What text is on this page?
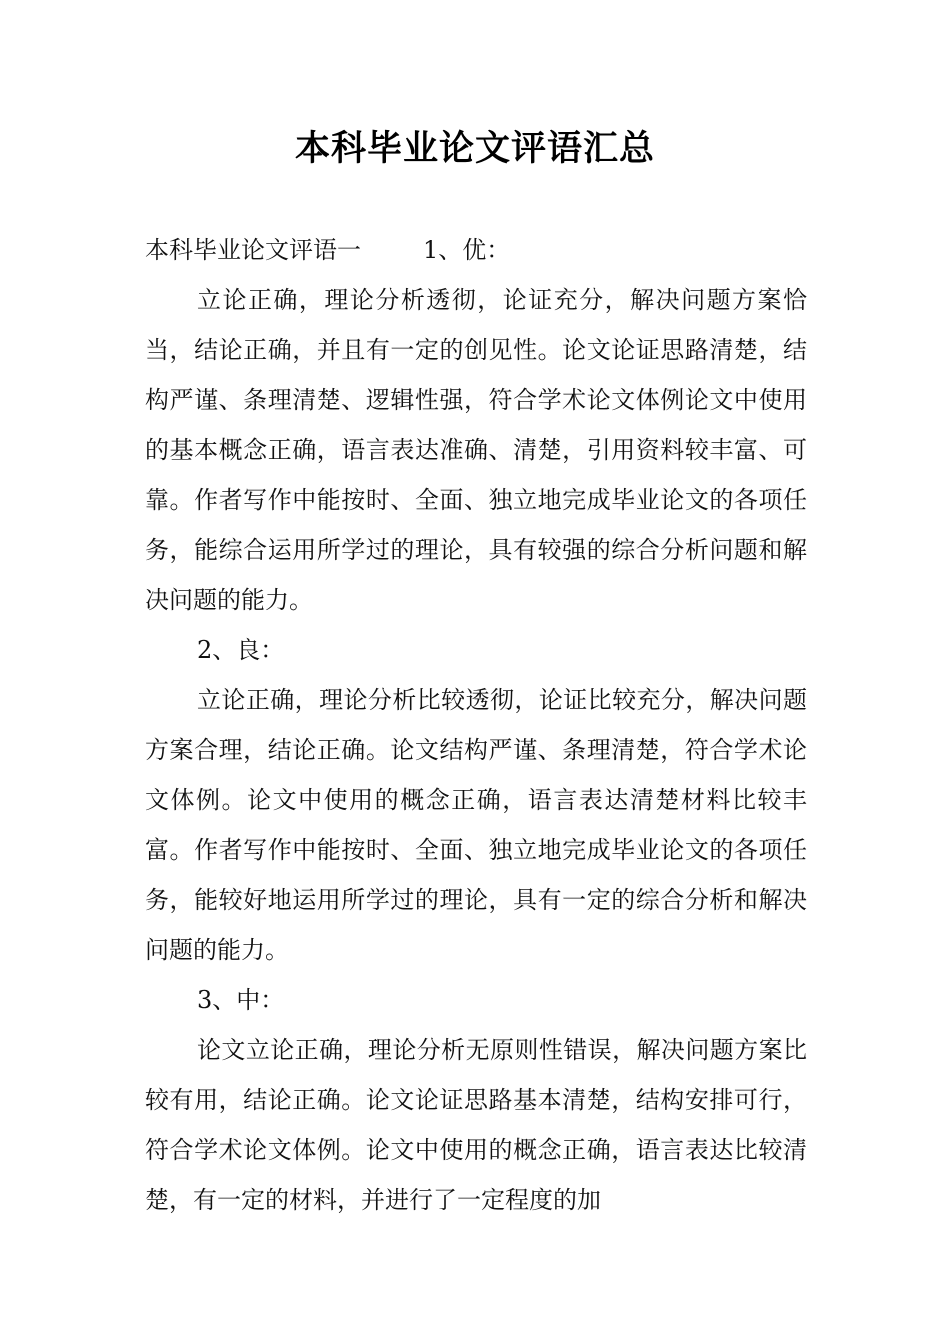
本科毕业论文评语汇总

本科毕业论文评语一	1、优：

立论正确，理论分析透彻，论证充分，解决问题方案恰当，结论正确，并且有一定的创见性。论文论证思路清楚，结构严谨、条理清楚、逻辑性强，符合学术论文体例论文中使用的基本概念正确，语言表达准确、清楚，引用资料较丰富、可靠。作者写作中能按时、全面、独立地完成毕业论文的各项任务，能综合运用所学过的理论，具有较强的综合分析问题和解决问题的能力。

2、良：

立论正确，理论分析比较透彻，论证比较充分，解决问题方案合理，结论正确。论文结构严谨、条理清楚，符合学术论文体例。论文中使用的概念正确，语言表达清楚材料比较丰富。作者写作中能按时、全面、独立地完成毕业论文的各项任务，能较好地运用所学过的理论，具有一定的综合分析和解决问题的能力。

3、中：

论文立论正确，理论分析无原则性错误，解决问题方案比较有用，结论正确。论文论证思路基本清楚，结构安排可行，符合学术论文体例。论文中使用的概念正确，语言表达比较清楚，有一定的材料，并进行了一定程度的加
